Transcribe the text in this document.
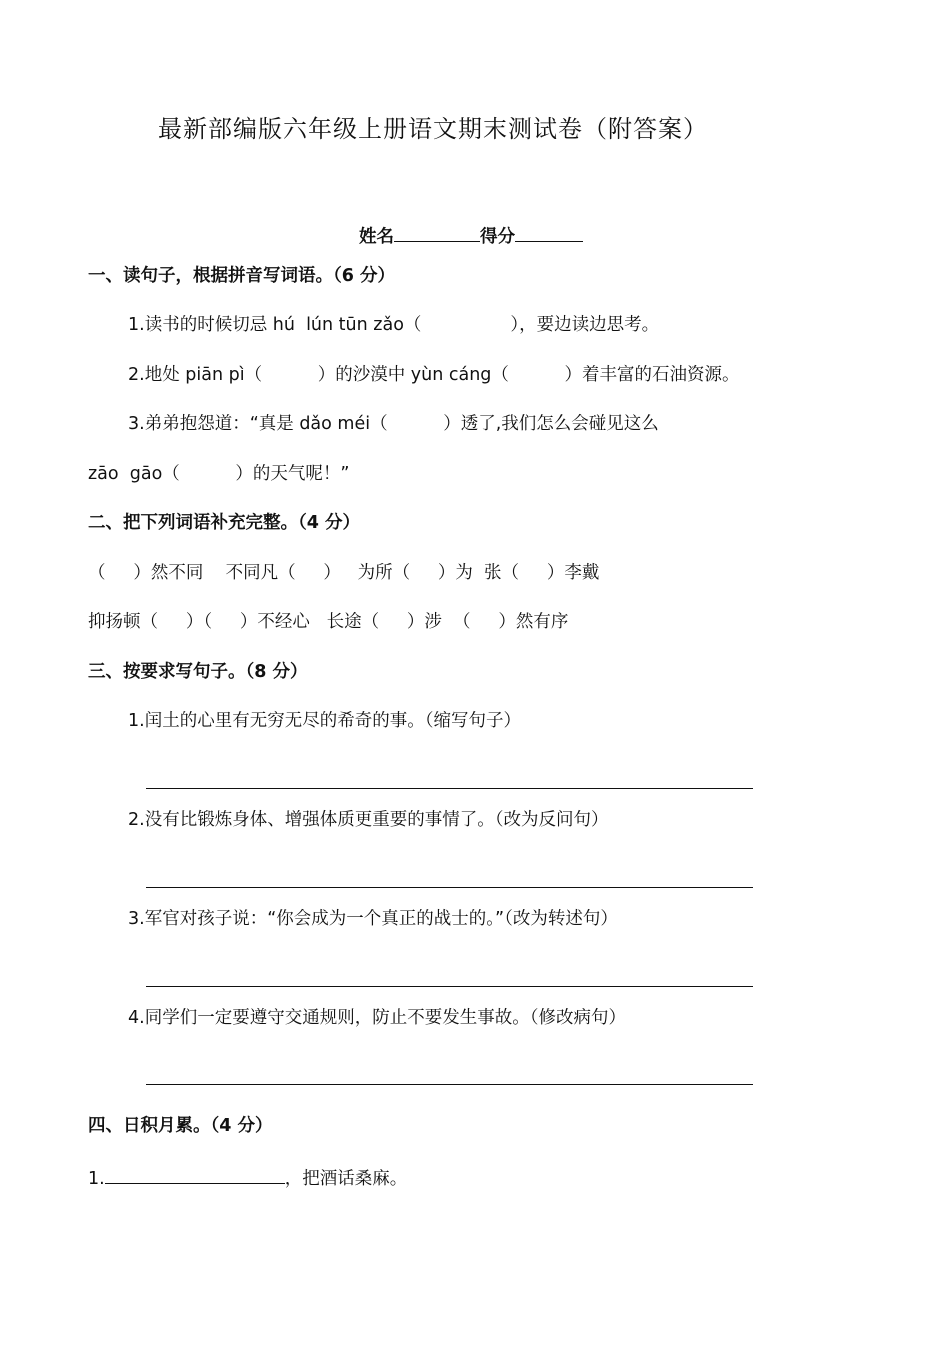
最新部编版六年级上册语文期末测试卷（附答案）
姓名	得分
一、读句子，根据拼音写词语。（6 分）
1.读书的时候切忌 hú  lún tūn zǎo（                ），要边读边思考。
2.地处 piān pì（          ）的沙漠中 yùn cáng（          ）着丰富的石油资源。
3.弟弟抱怨道：“真是 dǎo méi（          ）透了,我们怎么会碰见这么
zāo  gāo（          ）的天气呢！”
二、把下列词语补充完整。（4 分）
（     ）然不同    不同凡（     ）   为所（     ）为  张（     ）李戴
抑扬顿（     ）（     ）不经心   长途（     ）涉  （     ）然有序
三、按要求写句子。（8 分）
1.闰土的心里有无穷无尽的希奇的事。（缩写句子）
2.没有比锻炼身体、增强体质更重要的事情了。（改为反问句）
3.军官对孩子说：“你会成为一个真正的战士的。”（改为转述句）
4.同学们一定要遵守交通规则，防止不要发生事故。（修改病句）
四、日积月累。（4 分）
1.	，把酒话桑麻。
